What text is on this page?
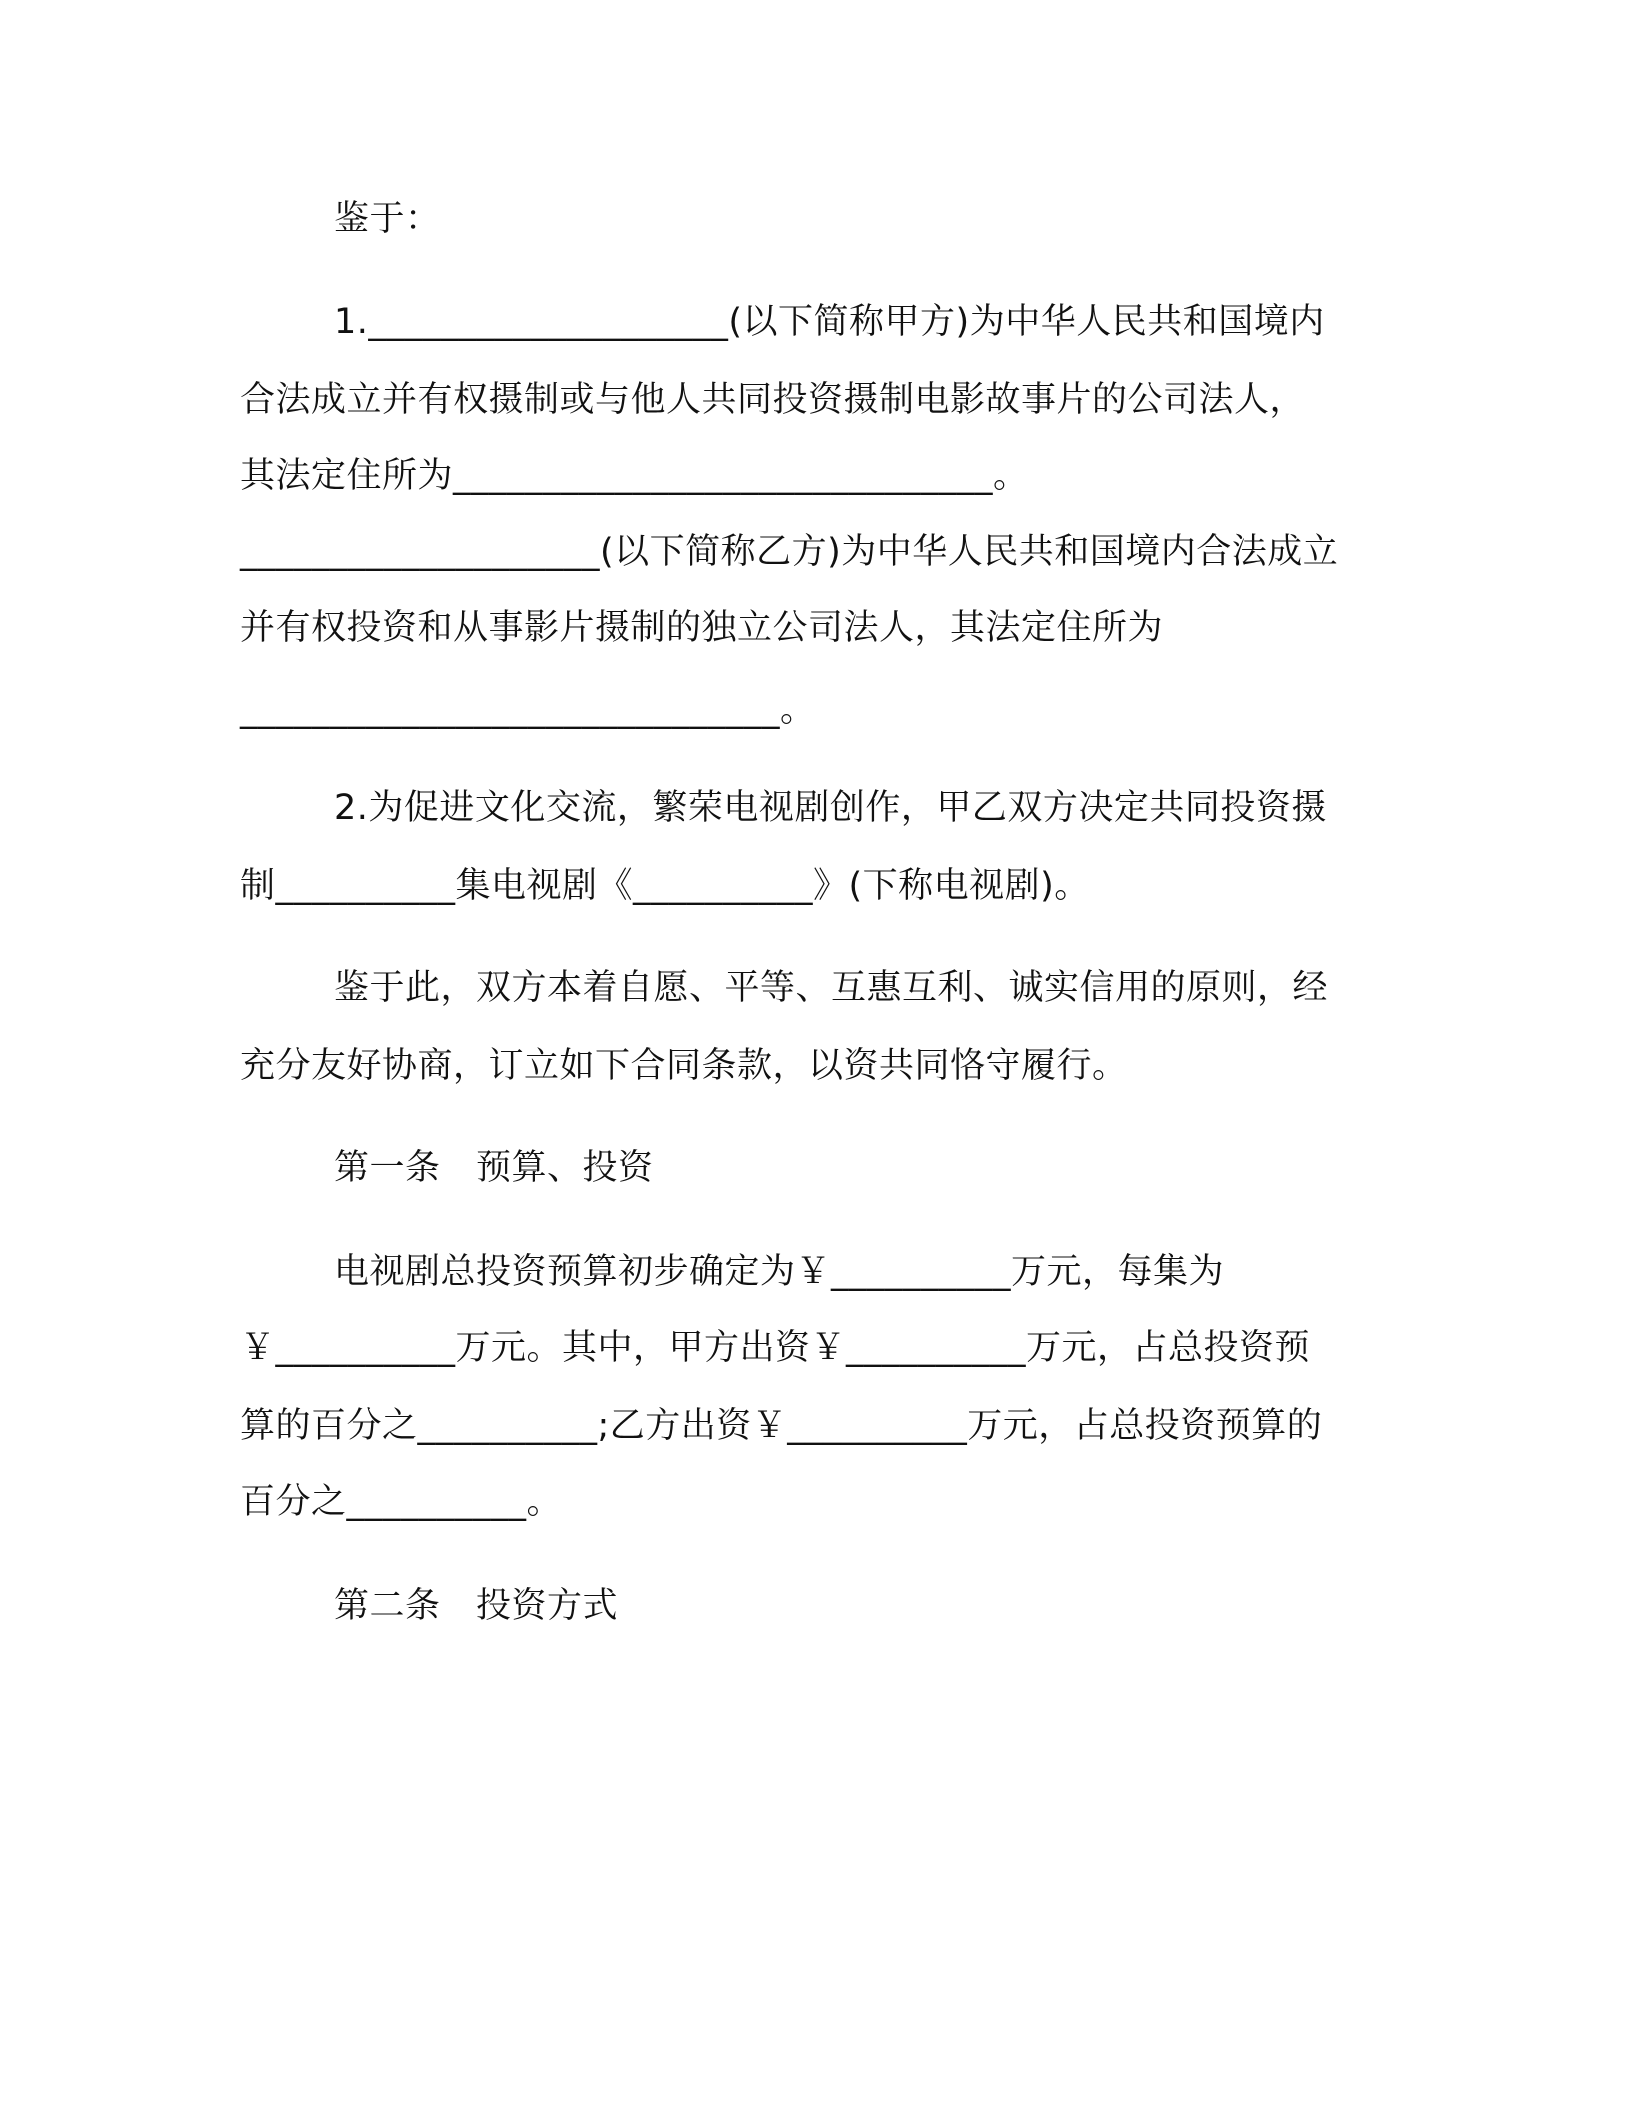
鉴于：
1.____________________(以下简称甲方)为中华人民共和国境内
合法成立并有权摄制或与他人共同投资摄制电影故事片的公司法人，
其法定住所为______________________________。
____________________(以下简称乙方)为中华人民共和国境内合法成立
并有权投资和从事影片摄制的独立公司法人，其法定住所为
______________________________。
2.为促进文化交流，繁荣电视剧创作，甲乙双方决定共同投资摄
制__________集电视剧《__________》(下称电视剧)。
鉴于此，双方本着自愿、平等、互惠互利、诚实信用的原则，经
充分友好协商，订立如下合同条款，以资共同恪守履行。
第一条　预算、投资
电视剧总投资预算初步确定为￥__________万元，每集为
￥__________万元。其中，甲方出资￥__________万元，占总投资预
算的百分之__________;乙方出资￥__________万元，占总投资预算的
百分之__________。
第二条　投资方式
